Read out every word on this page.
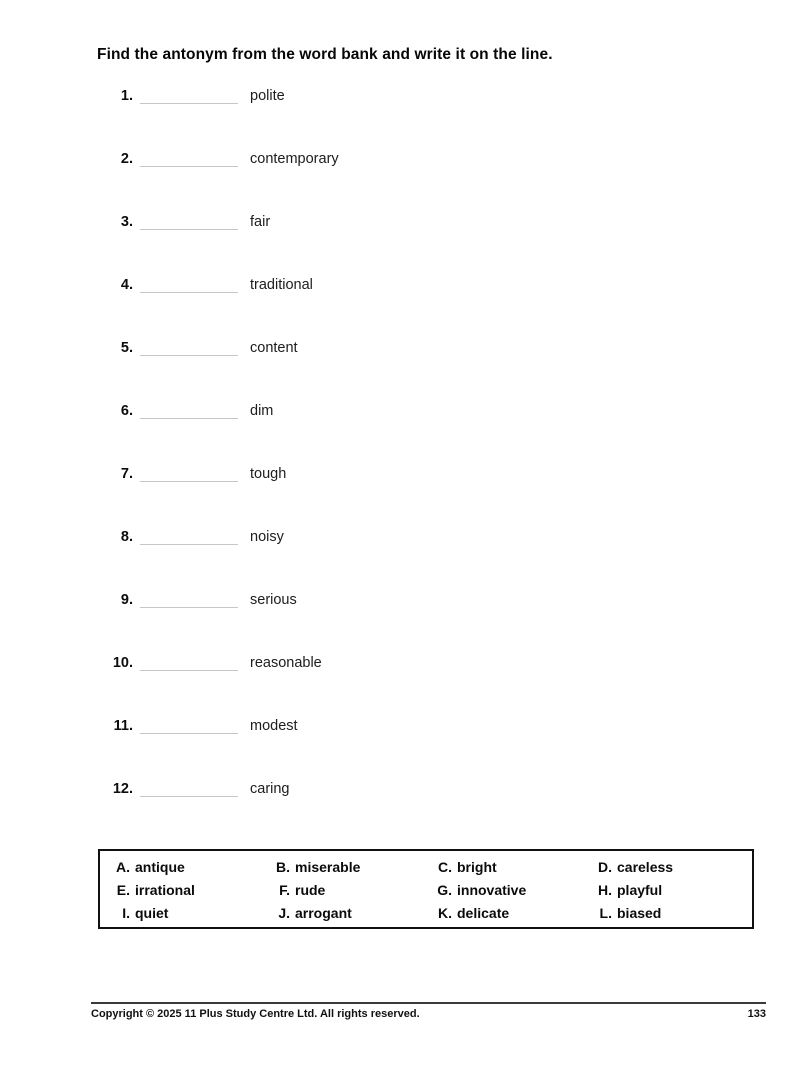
Find the antonym from the word bank and write it on the line.
1.	polite
2.	contemporary
3.	fair
4.	traditional
5.	content
6.	dim
7.	tough
8.	noisy
9.	serious
10.	reasonable
11.	modest
12.	caring
A. antique	B. miserable	C. bright	D. careless
E. irrational	F. rude	G. innovative	H. playful
I. quiet	J. arrogant	K. delicate	L. biased
Copyright © 2025 11 Plus Study Centre Ltd. All rights reserved.	133
